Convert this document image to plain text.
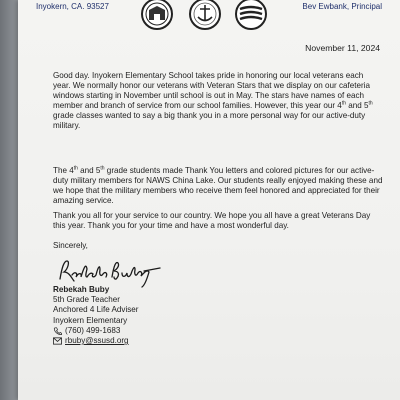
Inyokern, CA. 93527	Bev Ewbank, Principal
November 11, 2024
Good day. Inyokern Elementary School takes pride in honoring our local veterans each year. We normally honor our veterans with Veteran Stars that we display on our cafeteria windows starting in November until school is out in May. The stars have names of each member and branch of service from our school families. However, this year our 4th and 5th grade classes wanted to say a big thank you in a more personal way for our active-duty military.
The 4th and 5th grade students made Thank You letters and colored pictures for our active-duty military members for NAWS China Lake. Our students really enjoyed making these and we hope that the military members who receive them feel honored and appreciated for their amazing service.
Thank you all for your service to our country. We hope you all have a great Veterans Day this year. Thank you for your time and have a most wonderful day.
Sincerely,
Rebekah Buby
5th Grade Teacher
Anchored 4 Life Adviser
Inyokern Elementary
(760) 499-1683
rbuby@ssusd.org
